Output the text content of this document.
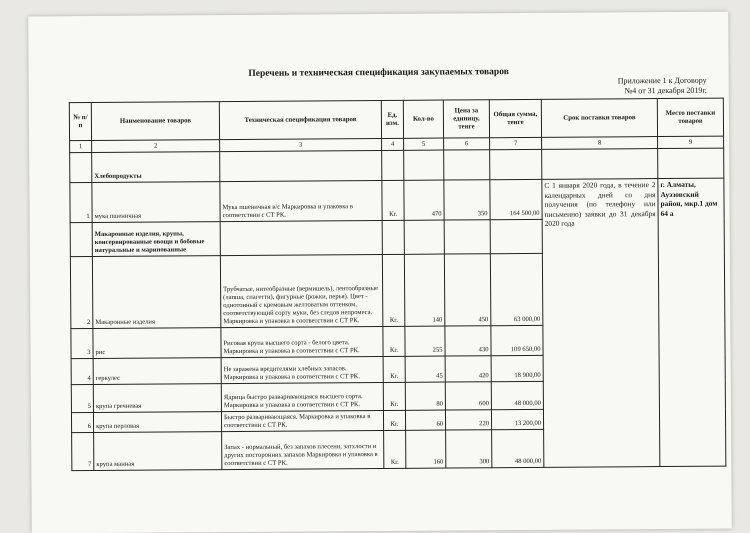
Перечень и техническая спецификация закупаемых товаров
Приложение 1 к Договору
№4 от 31 декабря 2019г.
№ п/п	Наименование товаров	Техническая спецификация товаров	Ед. изм.	Кол-во	Цена за единицу, тенге	Общая сумма, тенге	Срок поставки товаров	Место поставки товаров
1	2	3	4	5	6	7	8	9
	Хлебопродукты							
1	мука пшеничная	Мука пшеничная в/с Маркировка и упаковка в соответствии с СТ РК.	Кг.	470	350	164 500,00	С 1 января 2020 года, в течение 2 календарных дней со дня получения (по телефону или письменно) заявки до 31 декабря 2020 года	г. Алматы, Ауэзовский район, мкр.1 дом 64 а
	Макаронные изделия, крупы, консервированные овощи и бобовые натуральные и маринованные							
2	Макаронные изделия	Трубчатые, нитеобразные (вермишель), лентообразные (лапша, спагетти), фигурные (рожки, перья). Цвет - однотонный с кремовым желтоватым оттенком, соответствующий сорту муки, без следов непромеса. Маркировка и упаковка в соответствии с СТ РК.	Кг.	140	450	63 000,00		
3	рис	Рисовая крупа высшего сорта - белого цвета. Маркировка и упаковка в соответствии с СТ РК.	Кг.	255	430	109 650,00		
4	геркулес	Не заражена вредителями хлебных запасов. Маркировка и упаковка в соответствии с СТ РК.	Кг.	45	420	18 900,00		
5	крупа гречневая	Ядрица быстро разваривающаяся высшего сорта. Маркировка и упаковка в соответствии с СТ РК.	Кг.	80	600	48 000,00		
6	крупа перловая	Быстро разваривающаяся. Маркировка и упаковка в соответствии с СТ РК.	Кг.	60	220	13 200,00		
7	крупа манная	Запах - нормальный, без запахов плесени, затхлости и других посторонних запахов Маркировка и упаковка в соответствии с СТ РК.	Кг.	160	300	48 000,00		
